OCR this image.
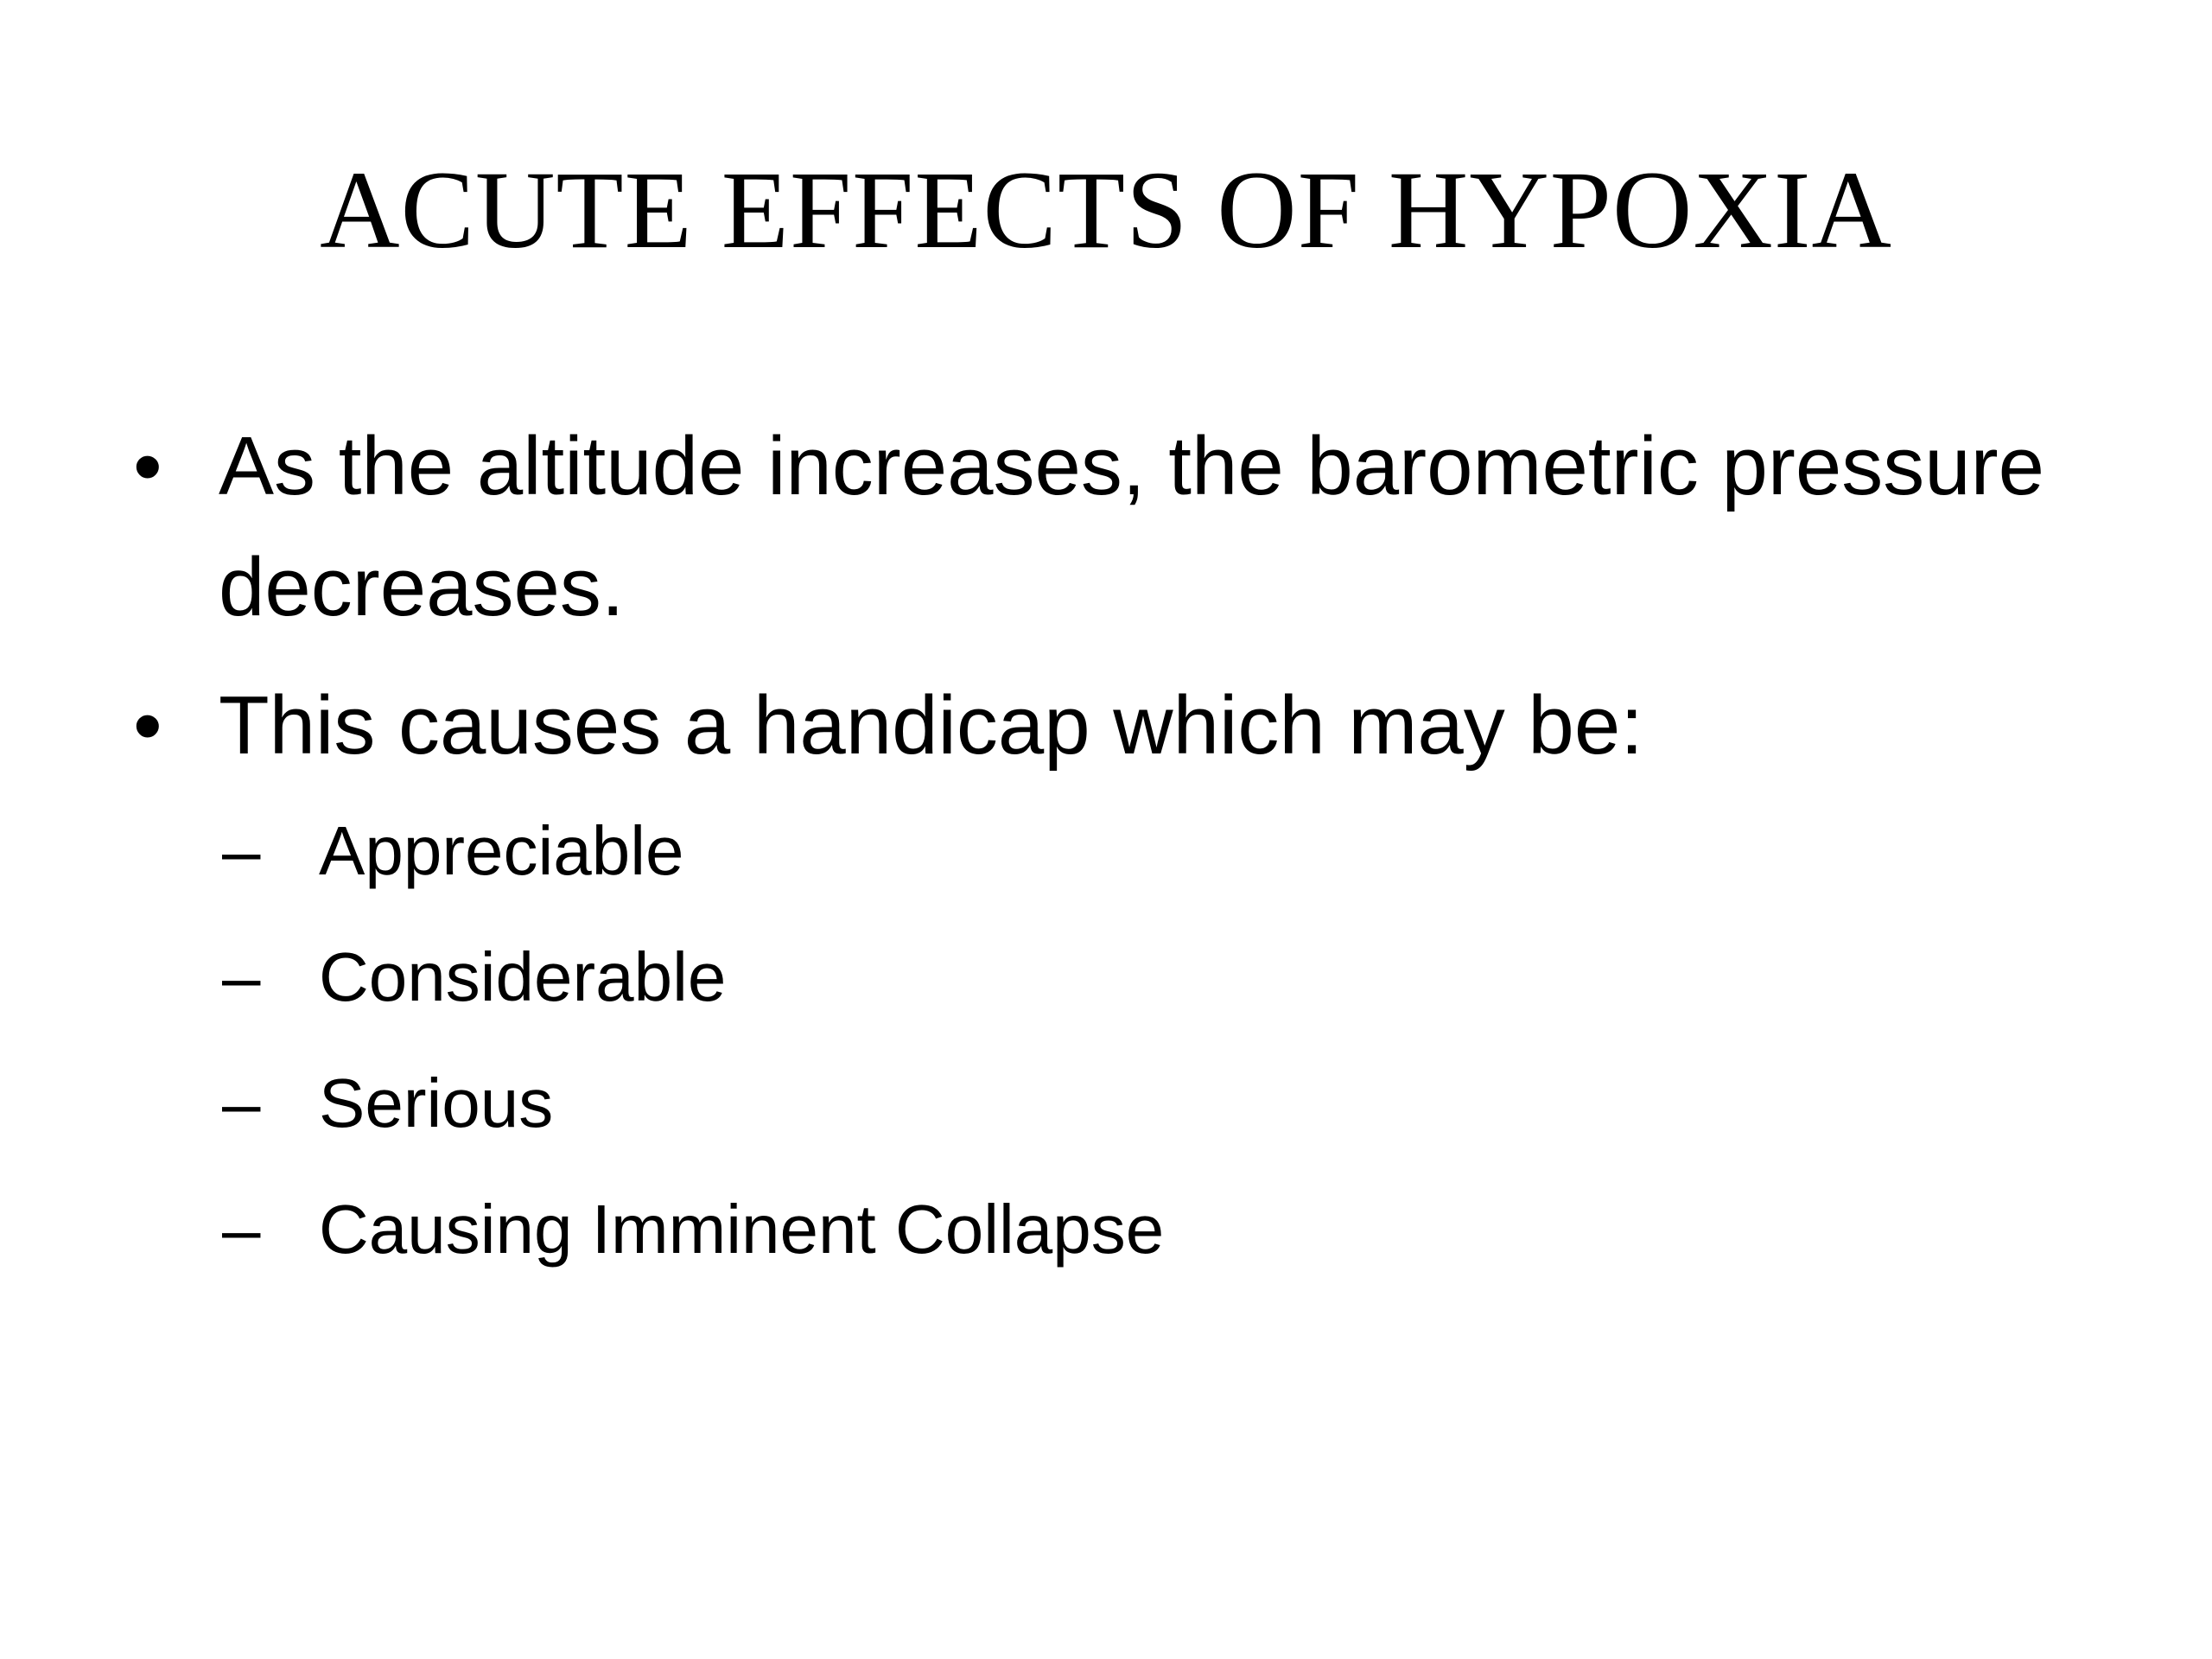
ACUTE EFFECTS OF HYPOXIA
• As the altitude increases, the barometric pressure decreases.
• This causes a handicap which may be:
– Appreciable
– Considerable
– Serious
– Causing Imminent Collapse
